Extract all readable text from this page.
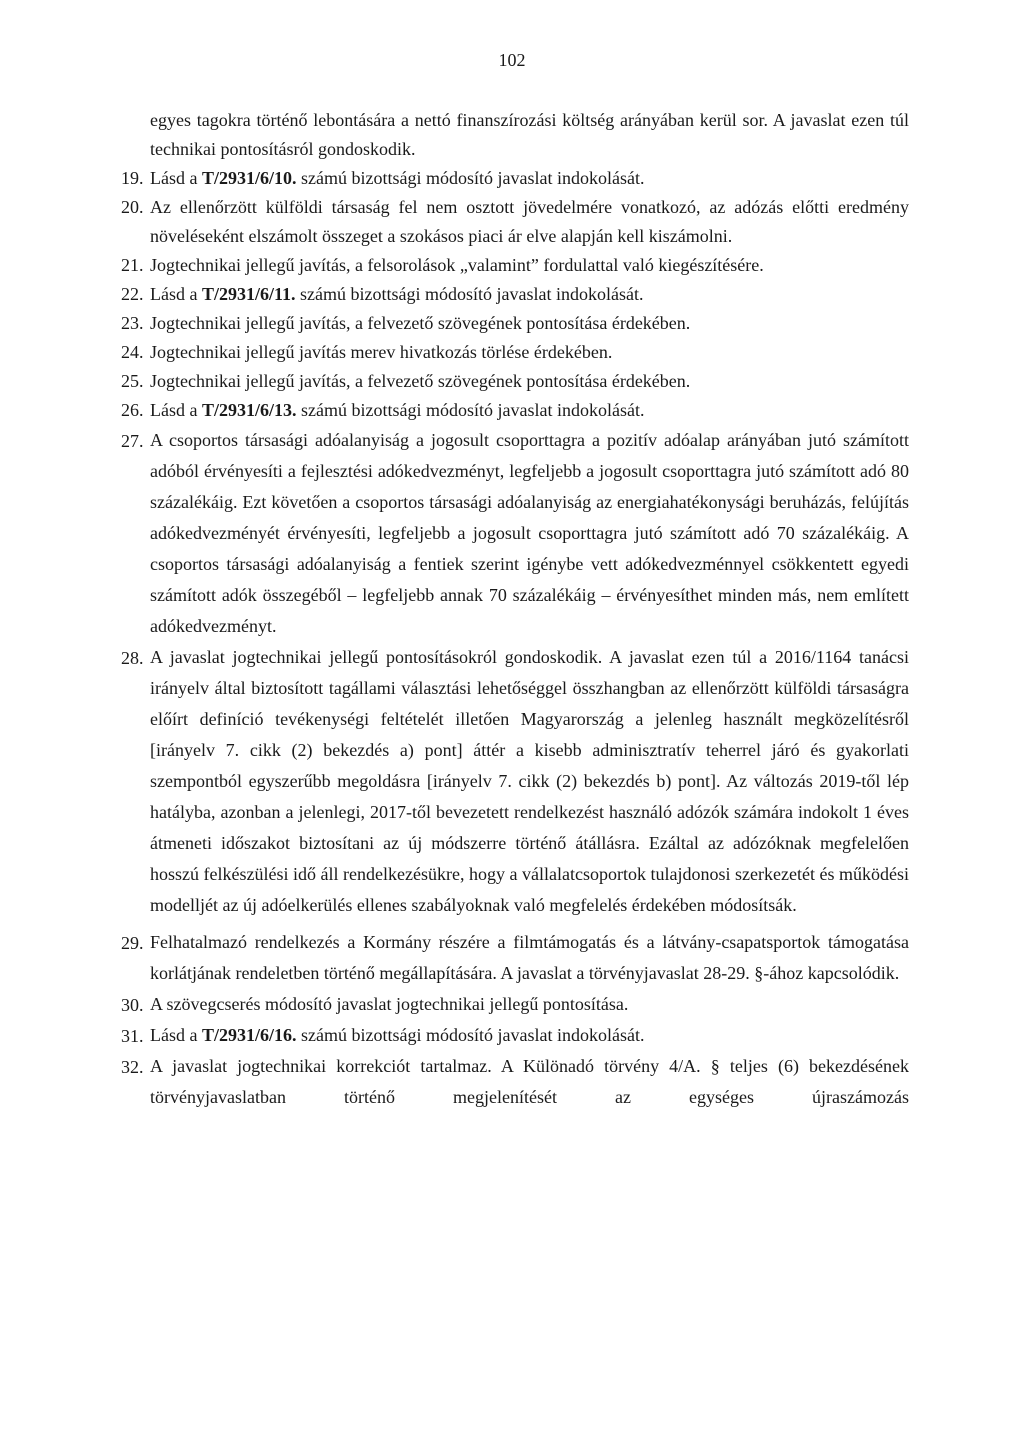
102
egyes tagokra történő lebontására a nettó finanszírozási költség arányában kerül sor. A javaslat ezen túl technikai pontosításról gondoskodik.
19. Lásd a T/2931/6/10. számú bizottsági módosító javaslat indokolását.
20. Az ellenőrzött külföldi társaság fel nem osztott jövedelmére vonatkozó, az adózás előtti eredmény növeléseként elszámolt összeget a szokásos piaci ár elve alapján kell kiszámolni.
21. Jogtechnikai jellegű javítás, a felsorolások „valamint” fordulattal való kiegészítésére.
22. Lásd a T/2931/6/11. számú bizottsági módosító javaslat indokolását.
23. Jogtechnikai jellegű javítás, a felvezető szövegének pontosítása érdekében.
24. Jogtechnikai jellegű javítás merev hivatkozás törlése érdekében.
25. Jogtechnikai jellegű javítás, a felvezető szövegének pontosítása érdekében.
26. Lásd a T/2931/6/13. számú bizottsági módosító javaslat indokolását.
27. A csoportos társasági adóalanyiság a jogosult csoporttagra a pozitív adóalap arányában jutó számított adóból érvényesíti a fejlesztési adókedvezményt, legfeljebb a jogosult csoporttagra jutó számított adó 80 százalékáig. Ezt követően a csoportos társasági adóalanyiság az energiahatékonysági beruházás, felújítás adókedvezményét érvényesíti, legfeljebb a jogosult csoporttagra jutó számított adó 70 százalékáig. A csoportos társasági adóalanyiság a fentiek szerint igénybe vett adókedvezménnyel csökkentett egyedi számított adók összegéből – legfeljebb annak 70 százalékáig – érvényesíthet minden más, nem említett adókedvezményt.
28. A javaslat jogtechnikai jellegű pontosításokról gondoskodik. A javaslat ezen túl a 2016/1164 tanácsi irányelv által biztosított tagállami választási lehetőséggel összhangban az ellenőrzött külföldi társaságra előírt definíció tevékenységi feltételét illetően Magyarország a jelenleg használt megközelítésről [irányelv 7. cikk (2) bekezdés a) pont] áttér a kisebb adminisztratív teherrel járó és gyakorlati szempontból egyszerűbb megoldásra [irányelv 7. cikk (2) bekezdés b) pont]. Az változás 2019-től lép hatályba, azonban a jelenlegi, 2017-től bevezetett rendelkezést használó adózók számára indokolt 1 éves átmeneti időszakot biztosítani az új módszerre történő átállásra. Ezáltal az adózóknak megfelelően hosszú felkészülési idő áll rendelkezésükre, hogy a vállalatcsoportok tulajdonosi szerkezetét és működési modelljét az új adóelkerülés ellenes szabályoknak való megfelelés érdekében módosítsák.
29. Felhatalmazó rendelkezés a Kormány részére a filmtámogatás és a látvány-csapatsportok támogatása korlátjának rendeletben történő megállapítására. A javaslat a törvényjavaslat 28-29. §-ához kapcsolódik.
30. A szövegcserés módosító javaslat jogtechnikai jellegű pontosítása.
31. Lásd a T/2931/6/16. számú bizottsági módosító javaslat indokolását.
32. A javaslat jogtechnikai korrekciót tartalmaz. A Különadó törvény 4/A. § teljes (6) bekezdésének törvényjavaslatban történő megjelenítését az egységes újraszámozás
